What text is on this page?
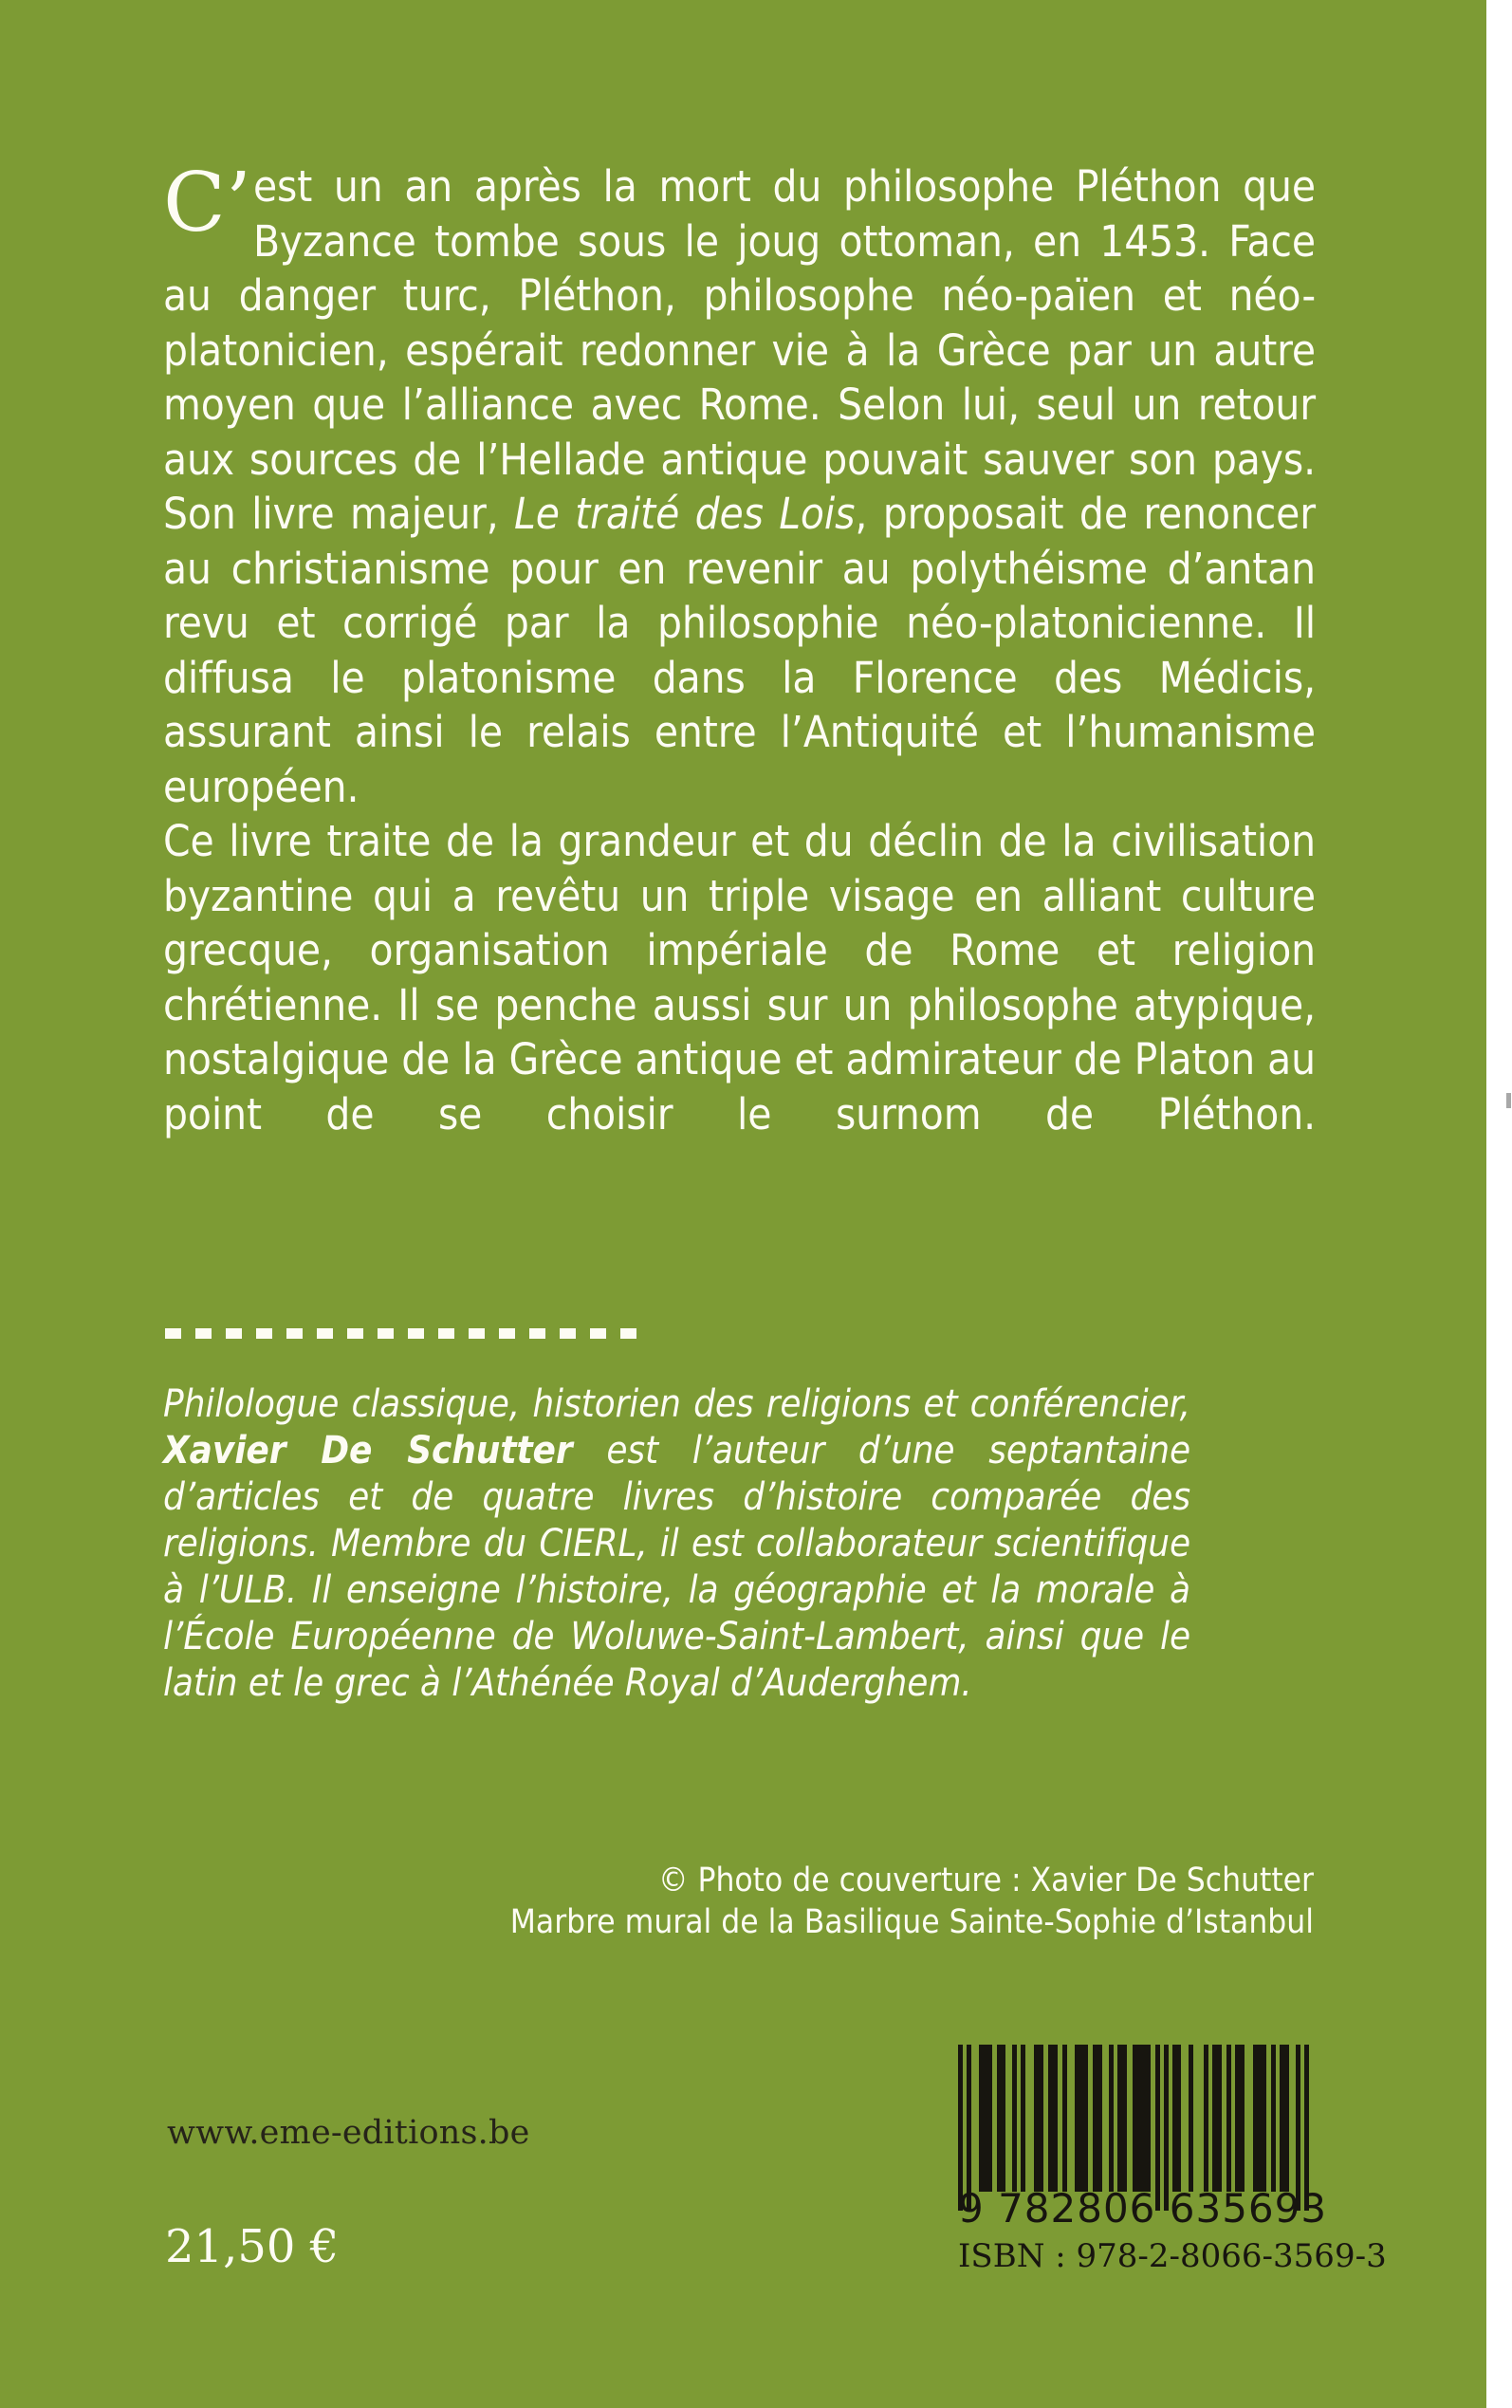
C’ est un an après la mort du philosophe Pléthon que Byzance tombe sous le joug ottoman, en 1453. Face au danger turc, Pléthon, philosophe néo-païen et néo-platonicien, espérait redonner vie à la Grèce par un autre moyen que l’alliance avec Rome. Selon lui, seul un retour aux sources de l’Hellade antique pouvait sauver son pays. Son livre majeur, Le traité des Lois, proposait de renoncer au christianisme pour en revenir au polythéisme d’antan revu et corrigé par la philosophie néo-platonicienne. Il diffusa le platonisme dans la Florence des Médicis, assurant ainsi le relais entre l’Antiquité et l’humanisme européen.

Ce livre traite de la grandeur et du déclin de la civilisation byzantine qui a revêtu un triple visage en alliant culture grecque, organisation impériale de Rome et religion chrétienne. Il se penche aussi sur un philosophe atypique, nostalgique de la Grèce antique et admirateur de Platon au point de se choisir le surnom de Pléthon.

Philologue classique, historien des religions et conférencier, Xavier De Schutter est l’auteur d’une septantaine d’articles et de quatre livres d’histoire comparée des religions. Membre du CIERL, il est collaborateur scientifique à l’ULB. Il enseigne l’histoire, la géographie et la morale à l’École Européenne de Woluwe-Saint-Lambert, ainsi que le latin et le grec à l’Athénée Royal d’Auderghem.

© Photo de couverture : Xavier De Schutter
Marbre mural de la Basilique Sainte-Sophie d’Istanbul
www.eme-editions.be
21,50 €
9 782806 635693
ISBN : 978-2-8066-3569-3
